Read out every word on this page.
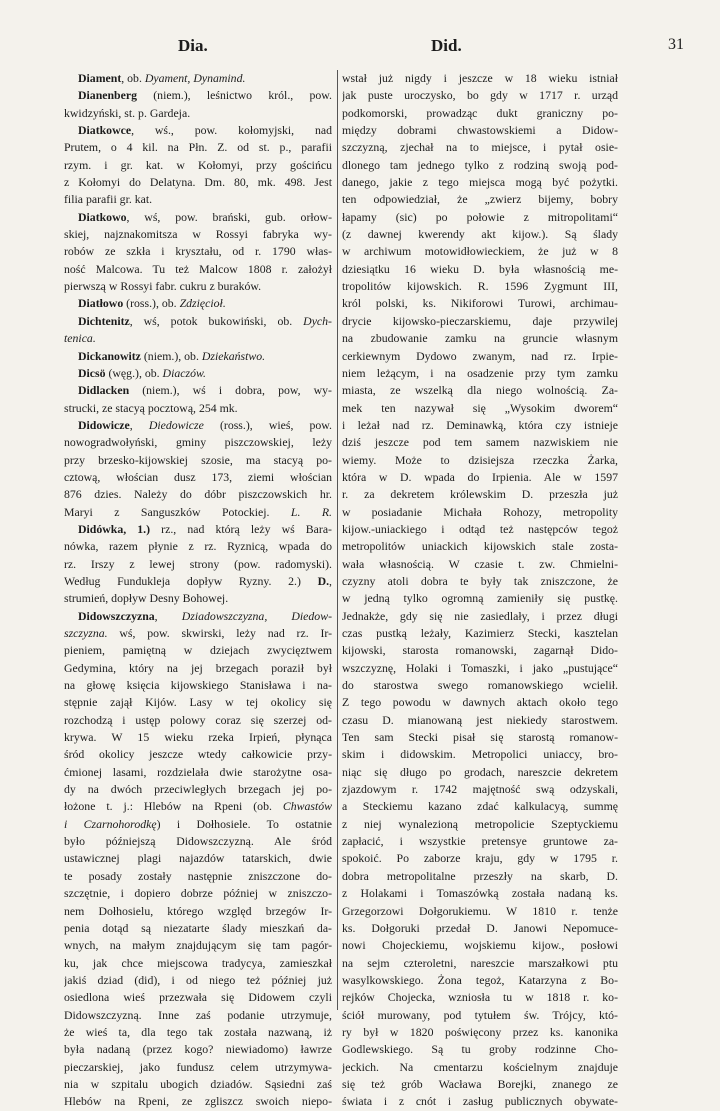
Dia.	Did.	31
Diament, ob. Dyament, Dynamind.
Dianenberg (niem.), leśnictwo król., pow.
kwidzyński, st. p. Gardeja.
Diatkowce, wś., pow. kołomyjski, nad
Prutem, o 4 kil. na Płn. Z. od st. p., parafii
rzym. i gr. kat. w Kołomyi, przy gościńcu
z Kołomyi do Delatyna. Dm. 80, mk. 498. Jest
filia parafii gr. kat.
Diatkowo, wś, pow. brański, gub. orłow-
skiej, najznakomitsza w Rossyi fabryka wy-
robów ze szkła i kryształu, od r. 1790 włas-
ność Malcowa. Tu też Malcow 1808 r. założył
pierwszą w Rossyi fabr. cukru z buraków.
Diatłowo (ross.), ob. Zdzięcioł.
Dichtenitz, wś, potok bukowiński, ob. Dych-
tenica.
Dickanowitz (niem.), ob. Dziekaństwo.
Dicsö (węg.), ob. Diaczów.
Didlacken (niem.), wś i dobra, pow, wy-
strucki, ze stacyą pocztową, 254 mk.
Didowicze, Diedowicze (ross.), wieś, pow.
nowogradwołyński, gminy piszczowskiej, leży
przy brzesko-kijowskiej szosie, ma stacyą po-
cztową, włościan dusz 173, ziemi włościan
876 dzies. Należy do dóbr piszczowskich hr.
Maryi z Sanguszków Potockiej. L. R.
Didówka, 1.) rz., nad którą leży wś Bara-
nówka, razem płynie z rz. Ryznicą, wpada do
rz. Irszy z lewej strony (pow. radomyski).
Według Fundukleja dopływ Ryzny. 2.) D.,
strumień, dopływ Desny Bohowej.
Didowszczyzna, Dziadowszczyzna, Diedow-
szczyzna. wś, pow. skwirski, leży nad rz. Ir-
pieniem, pamiętną w dziejach zwycięztwem
Gedymina, który na jej brzegach poraził był
na głowę księcia kijowskiego Stanisława i na-
stępnie zajął Kijów. Lasy w tej okolicy się
rozchodzą i ustęp polowy coraz się szerzej od-
krywa. W 15 wieku rzeka Irpień, płynąca
śród okolicy jeszcze wtedy całkowicie przy-
ćmionej lasami, rozdzielała dwie starożytne osa-
dy na dwóch przeciwległych brzegach jej po-
łożone t. j.: Hlebów na Rpeni (ob. Chwastów
i Czarnohorodkę) i Dołhosiele. To ostatnie
było późniejszą Didowszczyzną. Ale śród
ustawicznej plagi najazdów tatarskich, dwie
te posady zostały następnie zniszczone do-
szczętnie, i dopiero dobrze później w zniszczo-
nem Dołhosielu, którego względ brzegów Ir-
penia dotąd są niezatarte ślady mieszkań da-
wnych, na małym znajdującym się tam pagór-
ku, jak chce miejscowa tradycya, zamieszkał
jakiś dziad (did), i od niego też później już
osiedlona wieś przezwała się Didowem czyli
Didowszczyzną. Inne zaś podanie utrzymuje,
że wieś ta, dla tego tak została nazwaną, iż
była nadaną (przez kogo? niewiadomo) ławrze
pieczarskiej, jako fundusz celem utrzymywa-
nia w szpitalu ubogich dziadów. Sąsiedni zaś
Hlebów na Rpeni, ze zgliszcz swoich niepo-
wstał już nigdy i jeszcze w 18 wieku istniał
jak puste uroczysko, bo gdy w 1717 r. urząd
podkomorski, prowadząc dukt graniczny po-
między dobrami chwastowskiemi a Didow-
szczyzną, zjechał na to miejsce, i pytał osie-
dlonego tam jednego tylko z rodziną swoją pod-
danego, jakie z tego miejsca mogą być pożytki.
ten odpowiedział, że „zwierz bijemy, bobry
łapamy (sic) po połowie z mitropolitami“
(z dawnej kwerendy akt kijow.). Są ślady
w archiwum motowidłowieckiem, że już w 8
dziesiątku 16 wieku D. była własnością me-
tropolitów kijowskich. R. 1596 Zygmunt III,
król polski, ks. Nikiforowi Turowi, archimau-
drycie kijowsko-pieczarskiemu, daje przywilej
na zbudowanie zamku na gruncie własnym
cerkiewnym Dydowo zwanym, nad rz. Irpie-
niem leżącym, i na osadzenie przy tym zamku
miasta, ze wszelką dla niego wolnością. Za-
mek ten nazywał się „Wysokim dworem“
i leżał nad rz. Deminawką, która czy istnieje
dziś jeszcze pod tem samem nazwiskiem nie
wiemy. Może to dzisiejsza rzeczka Żarka,
która w D. wpada do Irpienia. Ale w 1597
r. za dekretem królewskim D. przeszła już
w posiadanie Michała Rohozy, metropolity
kijow.-uniackiego i odtąd też następców tegoż
metropolitów uniackich kijowskich stale zosta-
wała własnością. W czasie t. zw. Chmielni-
czyzny atoli dobra te były tak zniszczone, że
w jedną tylko ogromną zamieniły się pustkę.
Jednakże, gdy się nie zasiedlały, i przez długi
czas pustką leżały, Kazimierz Stecki, kasztelan
kijowski, starosta romanowski, zagarnął Dido-
wszczyznę, Holaki i Tomaszki, i jako „pustujące“
do starostwa swego romanowskiego wcielił.
Z tego powodu w dawnych aktach około tego
czasu D. mianowaną jest niekiedy starostwem.
Ten sam Stecki pisał się starostą romanow-
skim i didowskim. Metropolici uniaccy, bro-
niąc się długo po grodach, nareszcie dekretem
zjazdowym r. 1742 majętność swą odzyskali,
a Steckiemu kazano zdać kalkulacyą, summę
z niej wynalezioną metropolicie Szeptyckiemu
zapłacić, i wszystkie pretensye gruntowe za-
spokoić. Po zaborze kraju, gdy w 1795 r.
dobra metropolitalne przeszły na skarb, D.
z Holakami i Tomaszówką została nadaną ks.
Grzegorzowi Dołgorukiemu. W 1810 r. tenże
ks. Dołgoruki przedał D. Janowi Nepomuce-
nowi Chojeckiemu, wojskiemu kijow., posłowi
na sejm czteroletni, nareszcie marszałkowi ptu
wasylkowskiego. Żona tegoż, Katarzyna z Bo-
rejków Chojecka, wzniosła tu w 1818 r. ko-
ściół murowany, pod tytułem św. Trójcy, któ-
ry był w 1820 poświęcony przez ks. kanonika
Godlewskiego. Są tu groby rodzinne Cho-
jeckich. Na cmentarzu kościelnym znajduje
się też grób Wacława Borejki, znanego ze
świata i z cnót i zasług publicznych obywate-
